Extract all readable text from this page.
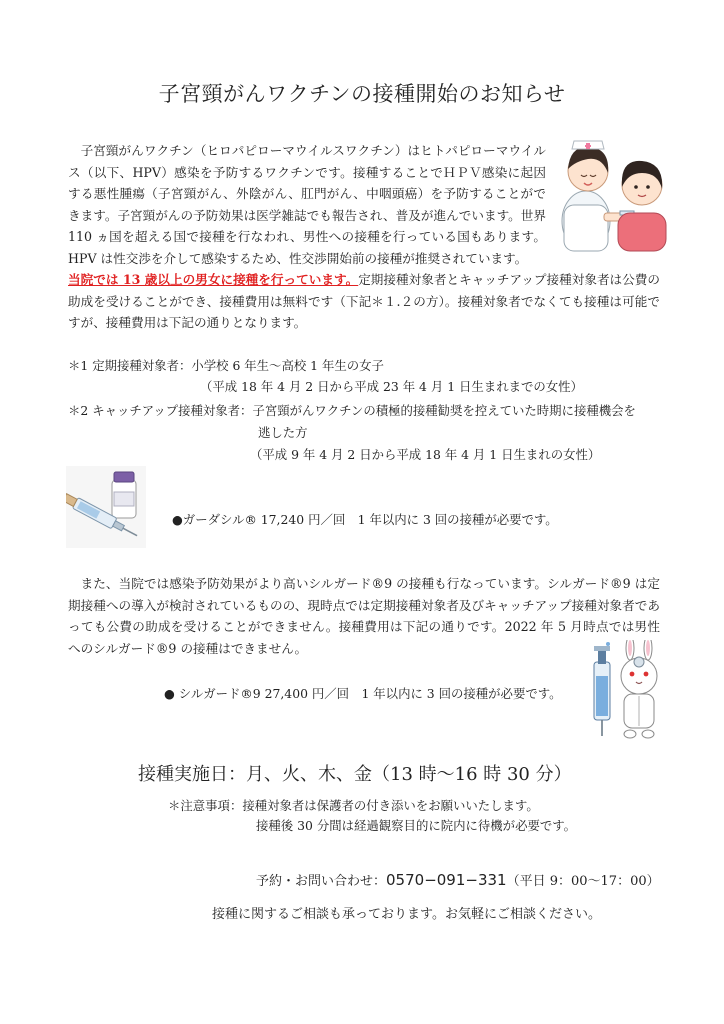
子宮頸がんワクチンの接種開始のお知らせ
子宮頸がんワクチン（ヒロパピローマウイルスワクチン）はヒトパピローマウイルス（以下、HPV）感染を予防するワクチンです。接種することでＨＰＶ感染に起因する悪性腫瘍（子宮頸がん、外陰がん、肛門がん、中咽頭癌）を予防することができます。子宮頸がんの予防効果は医学雑誌でも報告され、普及が進んでいます。世界 110 ヵ国を超える国で接種を行なわれ、男性への接種を行っている国もあります。HPV は性交渉を介して感染するため、性交渉開始前の接種が推奨されています。
当院では 13 歳以上の男女に接種を行っています。定期接種対象者とキャッチアップ接種対象者は公費の助成を受けることができ、接種費用は無料です（下記＊１.２の方）。接種対象者でなくても接種は可能ですが、接種費用は下記の通りとなります。
＊1 定期接種対象者：小学校 6 年生〜高校 1 年生の女子
（平成 18 年 4 月 2 日から平成 23 年 4 月 1 日生まれまでの女性）
＊2 キャッチアップ接種対象者：子宮頸がんワクチンの積極的接種勧奨を控えていた時期に接種機会を
逃した方
（平成 9 年 4 月 2 日から平成 18 年 4 月 1 日生まれの女性）
●ガーダシル® 17,240 円／回　1 年以内に 3 回の接種が必要です。
また、当院では感染予防効果がより高いシルガード®9 の接種も行なっています。シルガード®9 は定期接種への導入が検討されているものの、現時点では定期接種対象者及びキャッチアップ接種対象者であっても公費の助成を受けることができません。接種費用は下記の通りです。2022 年 5 月時点では男性へのシルガード®9 の接種はできません。
● シルガード®9 27,400 円／回　1 年以内に 3 回の接種が必要です。
接種実施日：月、火、木、金（13 時〜16 時 30 分）
＊注意事項：接種対象者は保護者の付き添いをお願いいたします。
接種後 30 分間は経過観察目的に院内に待機が必要です。
予約・お問い合わせ：0570−091−331（平日 9：00〜17：00）
接種に関するご相談も承っております。お気軽にご相談ください。
